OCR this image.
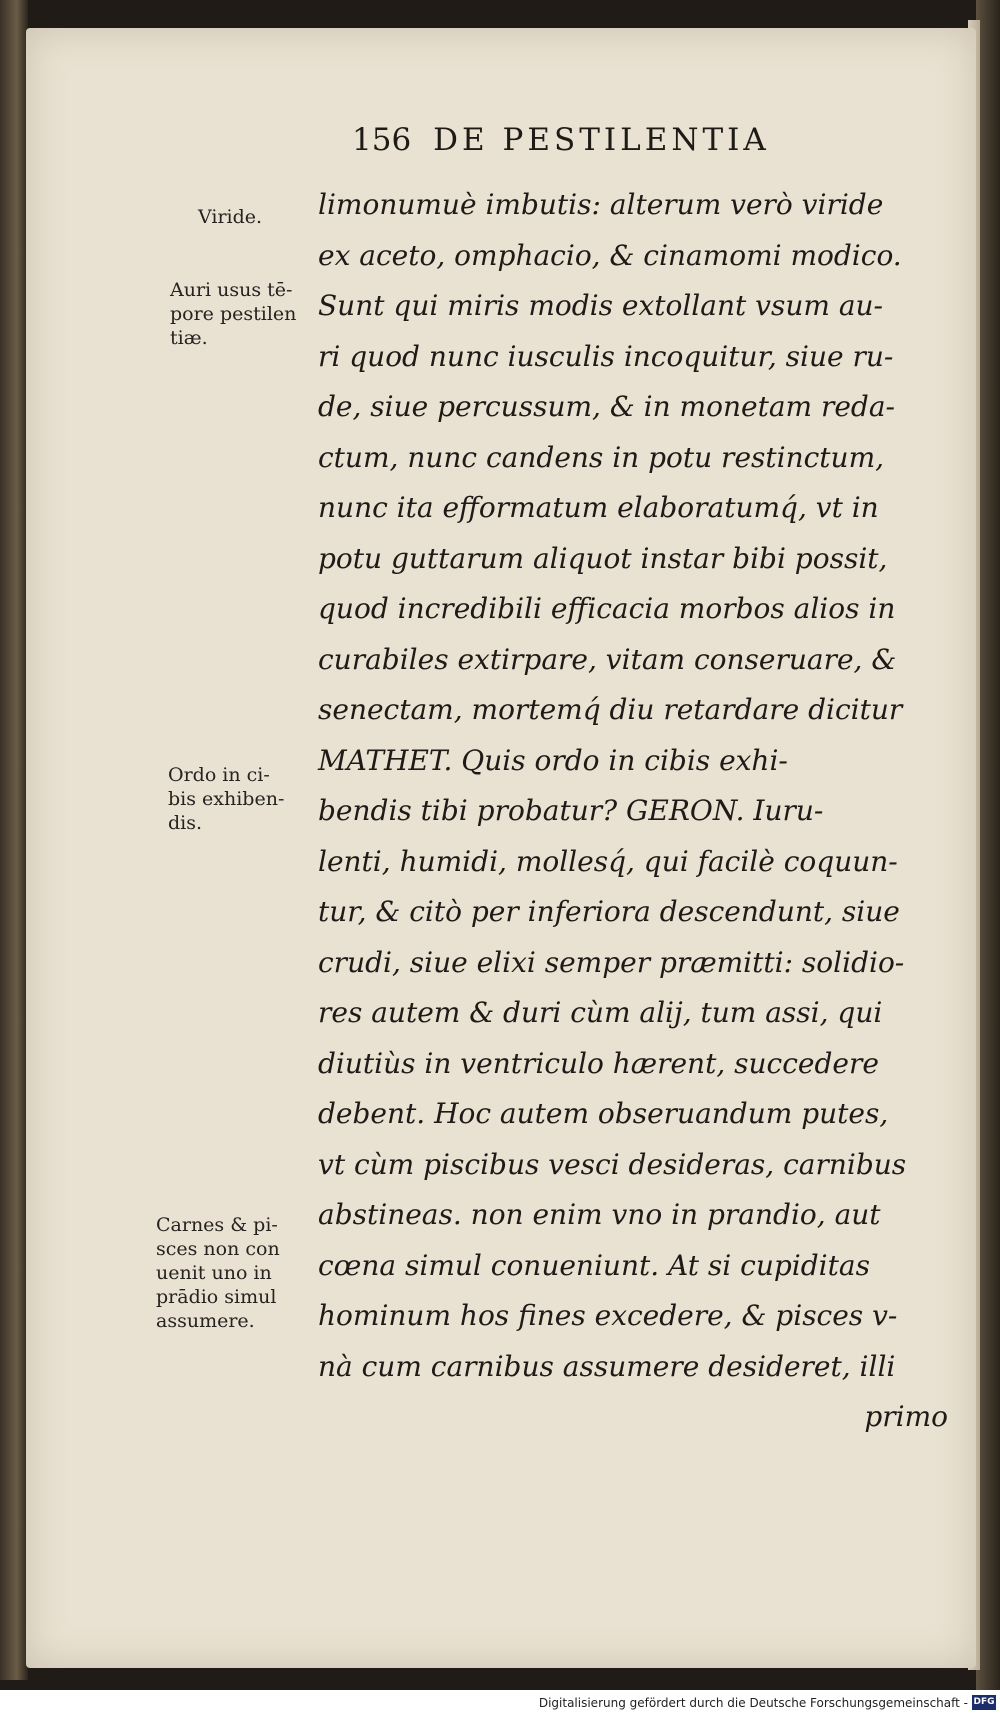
156 DE PESTILENTIA
Viride.
Auri usus tē-
pore pestilen
tiæ.
Ordo in ci-
bis exhiben-
dis.
Carnes & pi-
sces non con
uenit uno in
prādio simul
assumere.
limonumuè imbutis: alterum verò viride
ex aceto, omphacio, & cinamomi modico.
Sunt qui miris modis extollant vsum au-
ri quod nunc iusculis incoquitur, siue ru-
de, siue percussum, & in monetam reda-
ctum, nunc candens in potu restinctum,
nunc ita efformatum elaboratumq́, vt in
potu guttarum aliquot instar bibi possit,
quod incredibili efficacia morbos alios in
curabiles extirpare, vitam conseruare, &
senectam, mortemq́ diu retardare dicitur
MATHET. Quis ordo in cibis exhi-
bendis tibi probatur? GERON. Iuru-
lenti, humidi, mollesq́, qui facilè coquun-
tur, & citò per inferiora descendunt, siue
crudi, siue elixi semper præmitti: solidio-
res autem & duri cùm alij, tum assi, qui
diutiùs in ventriculo hærent, succedere
debent. Hoc autem obseruandum putes,
vt cùm piscibus vesci desideras, carnibus
abstineas. non enim vno in prandio, aut
cœna simul conueniunt. At si cupiditas
hominum hos fines excedere, & pisces v-
nà cum carnibus assumere desideret, illi
primo
Digitalisierung gefördert durch die Deutsche Forschungsgemeinschaft - DFG
